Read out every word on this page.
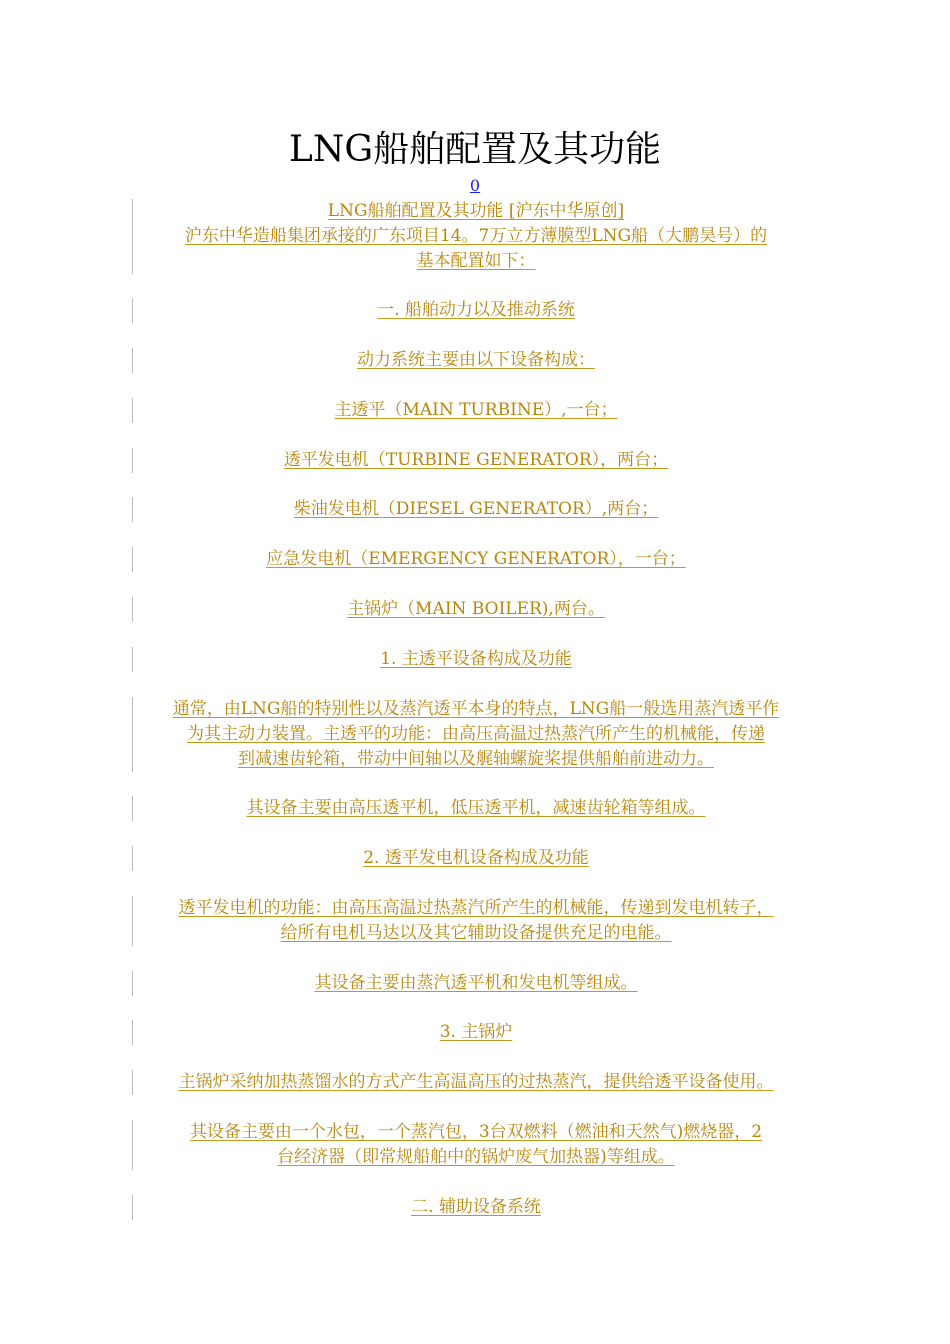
LNG船舶配置及其功能
0
LNG船舶配置及其功能 [沪东中华原创]
沪东中华造船集团承接的广东项目14。7万立方薄膜型LNG船（大鹏昊号）的
基本配置如下：
一. 船舶动力以及推动系统
动力系统主要由以下设备构成：
主透平（MAIN TURBINE）,一台；
透平发电机（TURBINE GENERATOR），两台；
柴油发电机（DIESEL GENERATOR）,两台；
应急发电机（EMERGENCY GENERATOR），一台；
主锅炉（MAIN BOILER),两台。
1. 主透平设备构成及功能
通常，由LNG船的特别性以及蒸汽透平本身的特点，LNG船一般选用蒸汽透平作
为其主动力装置。主透平的功能：由高压高温过热蒸汽所产生的机械能，传递
到减速齿轮箱，带动中间轴以及艉轴螺旋桨提供船舶前进动力。
其设备主要由高压透平机，低压透平机，减速齿轮箱等组成。
2. 透平发电机设备构成及功能
透平发电机的功能：由高压高温过热蒸汽所产生的机械能，传递到发电机转子，
给所有电机马达以及其它辅助设备提供充足的电能。
其设备主要由蒸汽透平机和发电机等组成。
3. 主锅炉
主锅炉采纳加热蒸馏水的方式产生高温高压的过热蒸汽，提供给透平设备使用。
其设备主要由一个水包，一个蒸汽包，3台双燃料（燃油和天然气)燃烧器，2
台经济器（即常规船舶中的锅炉废气加热器)等组成。
二. 辅助设备系统
